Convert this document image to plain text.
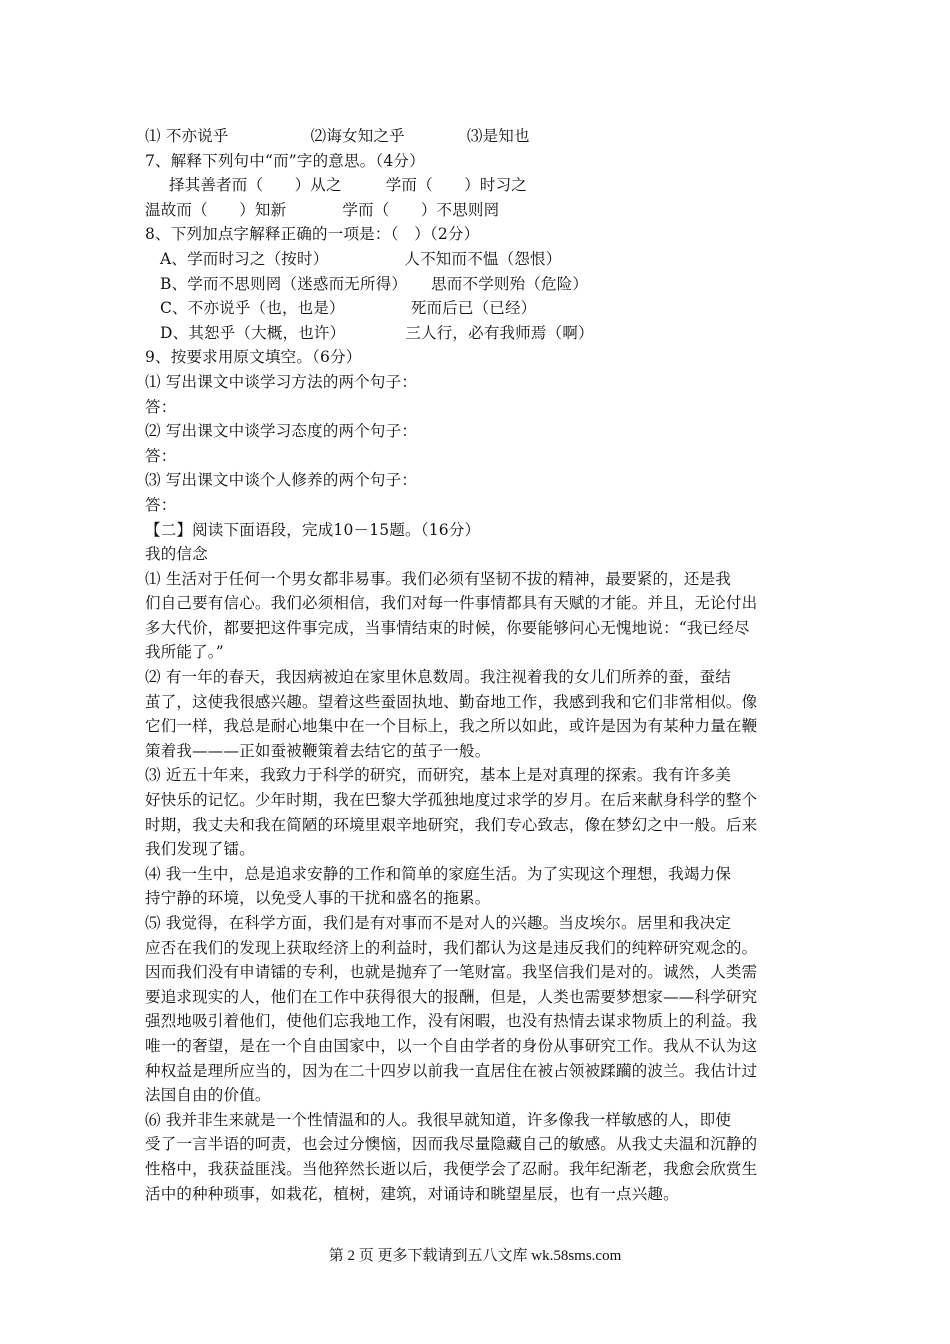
⑴ 不亦说乎	⑵诲女知之乎	⑶是知也
7、解释下列句中“而”字的意思。（4分）
择其善者而（　　）从之	学而（　　）时习之
温故而（　　）知新	学而（　　）不思则罔
8、下列加点字解释正确的一项是：（　）（2分）
A、学而时习之（按时）	人不知而不愠（怨恨）
B、学而不思则罔（迷惑而无所得） 思而不学则殆（危险）
C、不亦说乎（也，也是）	死而后已（已经）
D、其恕乎（大概，也许）	三人行，必有我师焉（啊）
9、按要求用原文填空。（6分）
⑴ 写出课文中谈学习方法的两个句子：
答：
⑵ 写出课文中谈学习态度的两个句子：
答：
⑶ 写出课文中谈个人修养的两个句子：
答：
【二】阅读下面语段，完成10－15题。（16分）
我的信念
⑴ 生活对于任何一个男女都非易事。我们必须有坚韧不拔的精神，最要紧的，还是我
们自己要有信心。我们必须相信，我们对每一件事情都具有天赋的才能。并且，无论付出
多大代价，都要把这件事完成，当事情结束的时候，你要能够问心无愧地说：“我已经尽
我所能了。”
⑵ 有一年的春天，我因病被迫在家里休息数周。我注视着我的女儿们所养的蚕，蚕结
茧了，这使我很感兴趣。望着这些蚕固执地、勤奋地工作，我感到我和它们非常相似。像
它们一样，我总是耐心地集中在一个目标上，我之所以如此，或许是因为有某种力量在鞭
策着我———正如蚕被鞭策着去结它的茧子一般。
⑶ 近五十年来，我致力于科学的研究，而研究，基本上是对真理的探索。我有许多美
好快乐的记忆。少年时期，我在巴黎大学孤独地度过求学的岁月。在后来献身科学的整个
时期，我丈夫和我在简陋的环境里艰辛地研究，我们专心致志，像在梦幻之中一般。后来
我们发现了镭。
⑷ 我一生中，总是追求安静的工作和简单的家庭生活。为了实现这个理想，我竭力保
持宁静的环境，以免受人事的干扰和盛名的拖累。
⑸ 我觉得，在科学方面，我们是有对事而不是对人的兴趣。当皮埃尔。居里和我决定
应否在我们的发现上获取经济上的利益时，我们都认为这是违反我们的纯粹研究观念的。
因而我们没有申请镭的专利，也就是抛弃了一笔财富。我坚信我们是对的。诚然，人类需
要追求现实的人，他们在工作中获得很大的报酬，但是，人类也需要梦想家——科学研究
强烈地吸引着他们，使他们忘我地工作，没有闲暇，也没有热情去谋求物质上的利益。我
唯一的奢望，是在一个自由国家中，以一个自由学者的身份从事研究工作。我从不认为这
种权益是理所应当的，因为在二十四岁以前我一直居住在被占领被蹂躏的波兰。我估计过
法国自由的价值。
⑹ 我并非生来就是一个性情温和的人。我很早就知道，许多像我一样敏感的人，即使
受了一言半语的呵责，也会过分懊恼，因而我尽量隐藏自己的敏感。从我丈夫温和沉静的
性格中，我获益匪浅。当他猝然长逝以后，我便学会了忍耐。我年纪渐老，我愈会欣赏生
活中的种种琐事，如栽花，植树，建筑，对诵诗和眺望星辰，也有一点兴趣。
第 2 页 更多下载请到五八文库 wk.58sms.com
